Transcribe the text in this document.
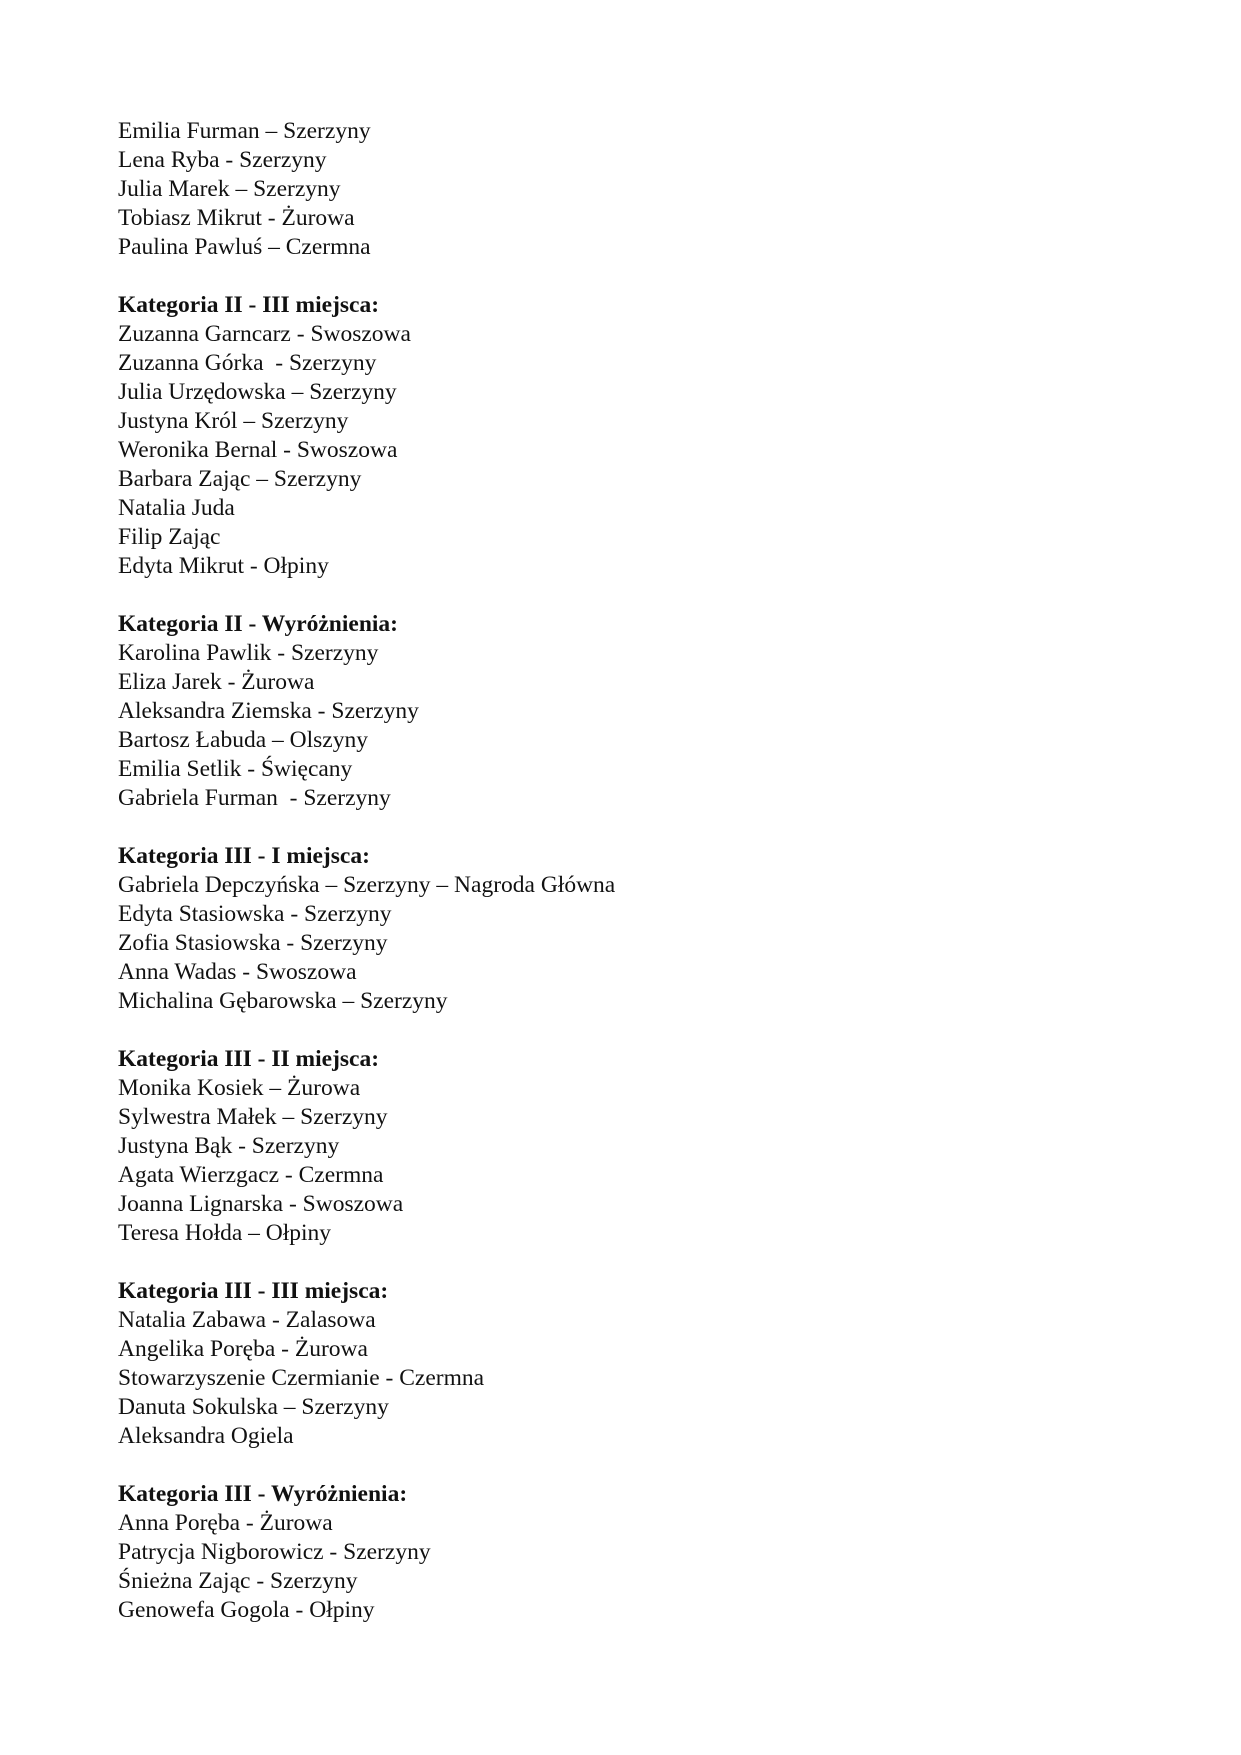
Emilia Furman – Szerzyny
Lena Ryba - Szerzyny
Julia Marek – Szerzyny
Tobiasz Mikrut - Żurowa
Paulina Pawluś – Czermna
Kategoria II - III miejsca:
Zuzanna Garncarz - Swoszowa
Zuzanna Górka  - Szerzyny
Julia Urzędowska – Szerzyny
Justyna Król – Szerzyny
Weronika Bernal - Swoszowa
Barbara Zając – Szerzyny
Natalia Juda
Filip Zając
Edyta Mikrut - Ołpiny
Kategoria II - Wyróżnienia:
Karolina Pawlik - Szerzyny
Eliza Jarek - Żurowa
Aleksandra Ziemska - Szerzyny
Bartosz Łabuda – Olszyny
Emilia Setlik - Święcany
Gabriela Furman  - Szerzyny
Kategoria III - I miejsca:
Gabriela Depczyńska – Szerzyny – Nagroda Główna
Edyta Stasiowska - Szerzyny
Zofia Stasiowska - Szerzyny
Anna Wadas - Swoszowa
Michalina Gębarowska – Szerzyny
Kategoria III - II miejsca:
Monika Kosiek – Żurowa
Sylwestra Małek – Szerzyny
Justyna Bąk - Szerzyny
Agata Wierzgacz - Czermna
Joanna Lignarska - Swoszowa
Teresa Hołda – Ołpiny
Kategoria III - III miejsca:
Natalia Zabawa - Zalasowa
Angelika Poręba - Żurowa
Stowarzyszenie Czermianie - Czermna
Danuta Sokulska – Szerzyny
Aleksandra Ogiela
Kategoria III - Wyróżnienia:
Anna Poręba - Żurowa
Patrycja Nigborowicz - Szerzyny
Śnieżna Zając - Szerzyny
Genowefa Gogola - Ołpiny
